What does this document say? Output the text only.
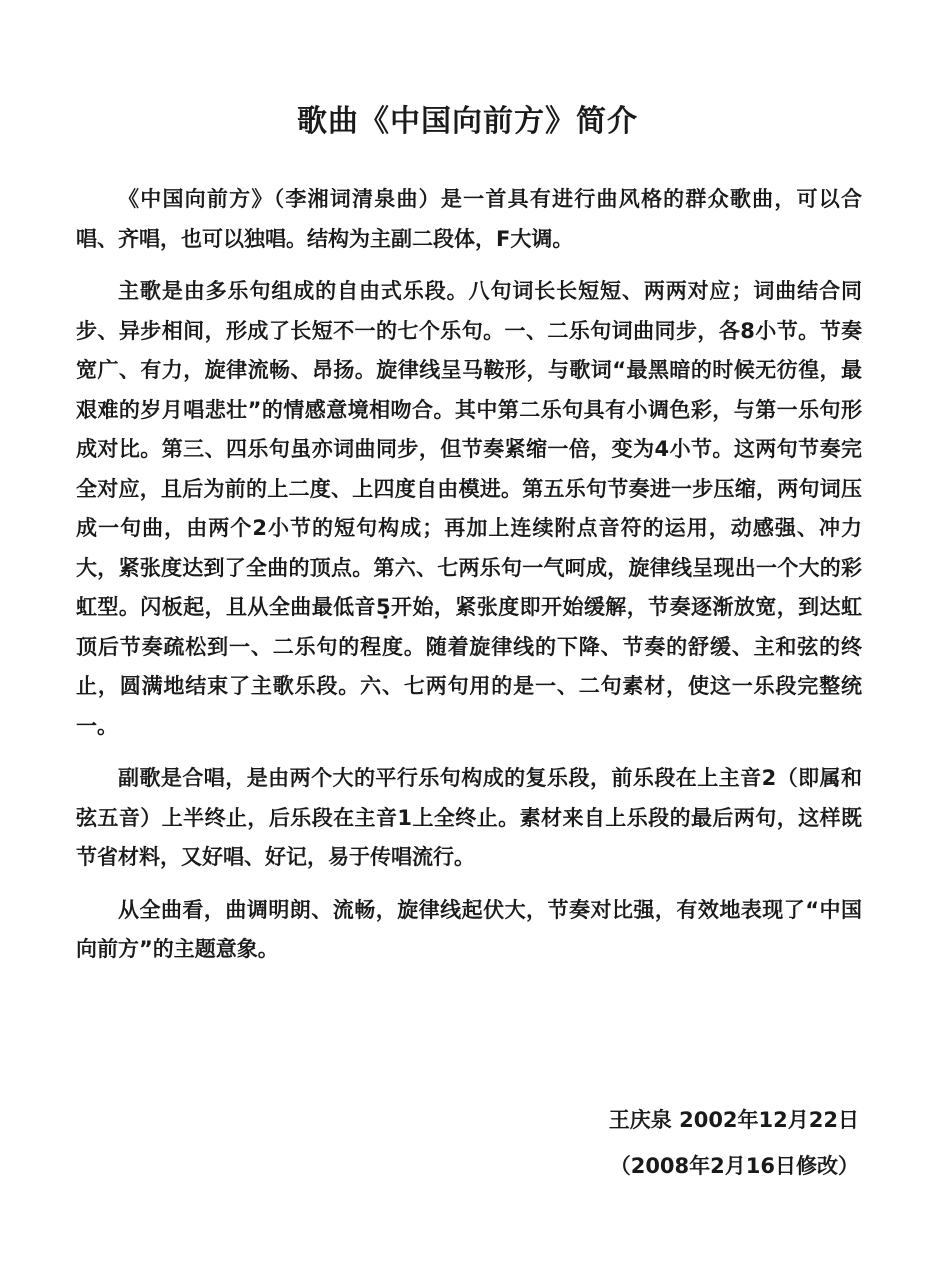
歌曲《中国向前方》简介

《中国向前方》（李湘词清泉曲）是一首具有进行曲风格的群众歌曲，可以合唱、齐唱，也可以独唱。结构为主副二段体，F大调。

主歌是由多乐句组成的自由式乐段。八句词长长短短、两两对应；词曲结合同步、异步相间，形成了长短不一的七个乐句。一、二乐句词曲同步，各8小节。节奏宽广、有力，旋律流畅、昂扬。旋律线呈马鞍形，与歌词“最黑暗的时候无彷徨，最艰难的岁月唱悲壮”的情感意境相吻合。其中第二乐句具有小调色彩，与第一乐句形成对比。第三、四乐句虽亦词曲同步，但节奏紧缩一倍，变为4小节。这两句节奏完全对应，且后为前的上二度、上四度自由模进。第五乐句节奏进一步压缩，两句词压成一句曲，由两个2小节的短句构成；再加上连续附点音符的运用，动感强、冲力大，紧张度达到了全曲的顶点。第六、七两乐句一气呵成，旋律线呈现出一个大的彩虹型。闪板起，且从全曲最低音5̣开始，紧张度即开始缓解，节奏逐渐放宽，到达虹顶后节奏疏松到一、二乐句的程度。随着旋律线的下降、节奏的舒缓、主和弦的终止，圆满地结束了主歌乐段。六、七两句用的是一、二句素材，使这一乐段完整统一。

副歌是合唱，是由两个大的平行乐句构成的复乐段，前乐段在上主音2（即属和弦五音）上半终止，后乐段在主音1上全终止。素材来自上乐段的最后两句，这样既节省材料，又好唱、好记，易于传唱流行。

从全曲看，曲调明朗、流畅，旋律线起伏大，节奏对比强，有效地表现了“中国向前方”的主题意象。

王庆泉 2002年12月22日
（2008年2月16日修改）
